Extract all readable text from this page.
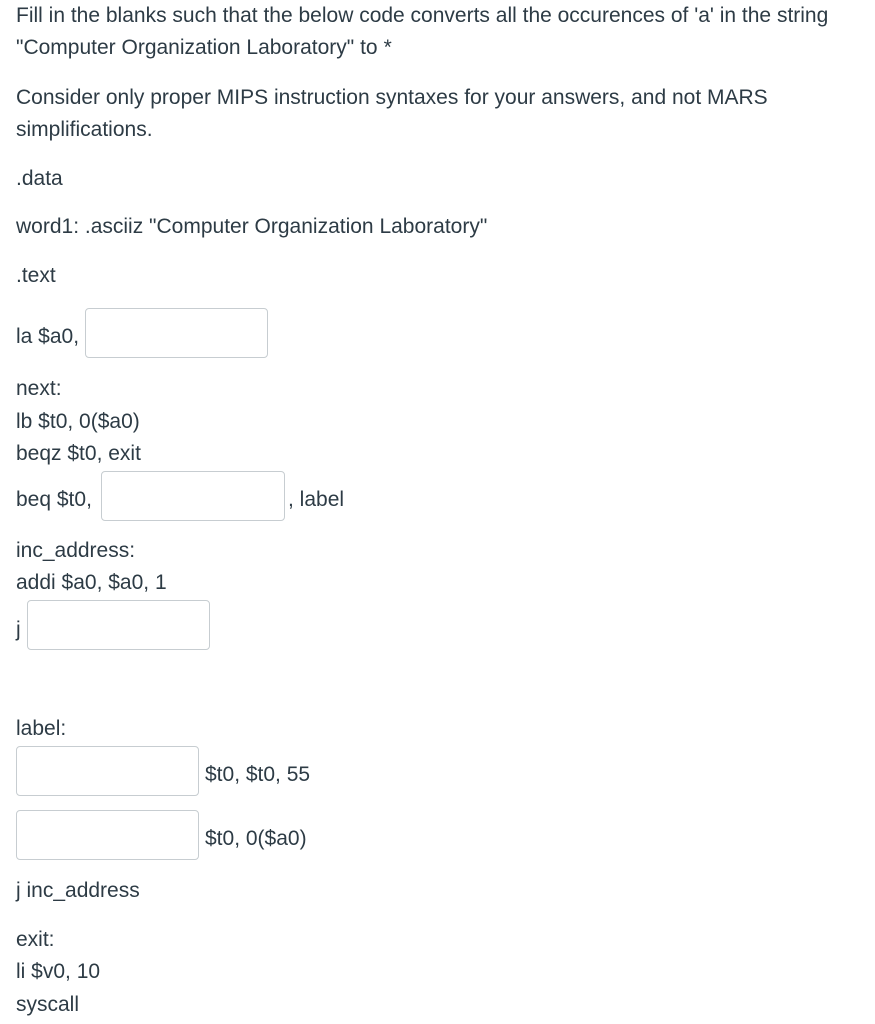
Fill in the blanks such that the below code converts all the occurences of 'a' in the string "Computer Organization Laboratory" to *
Consider only proper MIPS instruction syntaxes for your answers, and not MARS simplifications.
.data
word1: .asciiz "Computer Organization Laboratory"
.text
la $a0,
next:
lb $t0, 0($a0)
beqz $t0, exit
beq $t0,	, label
inc_address:
addi $a0, $a0, 1
j
label:
$t0, $t0, 55
$t0, 0($a0)
j inc_address
exit:
li $v0, 10
syscall
